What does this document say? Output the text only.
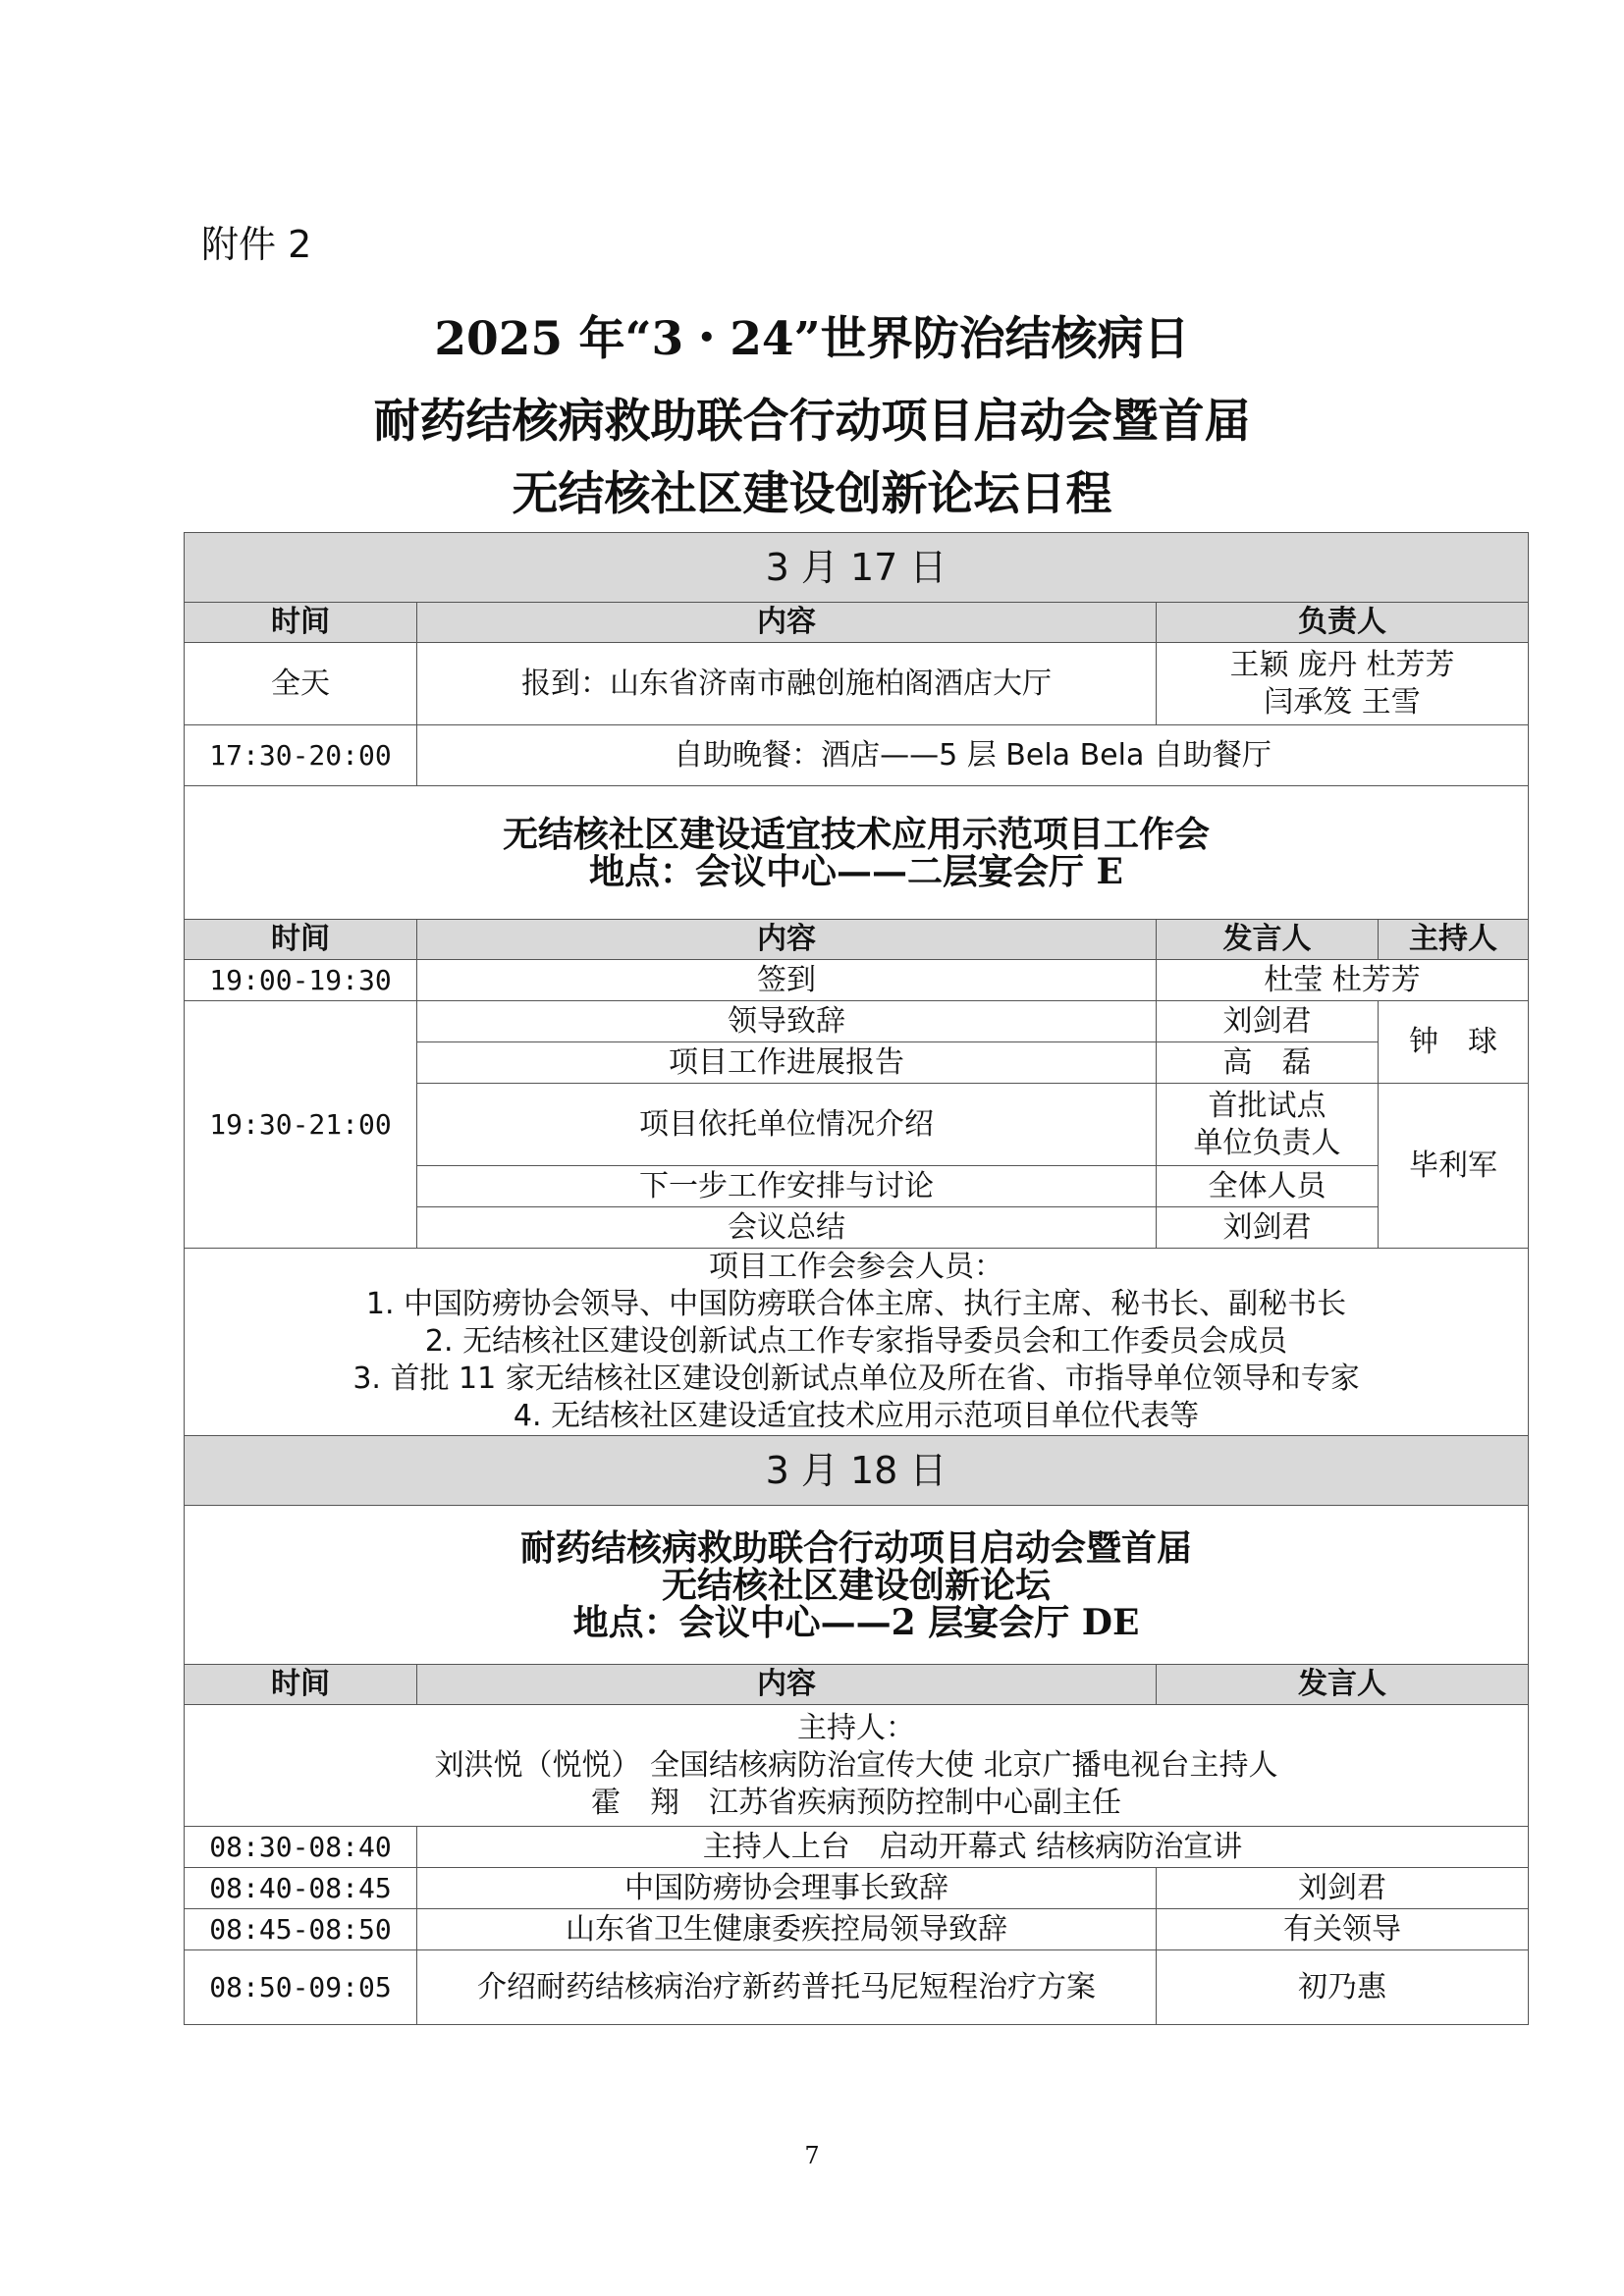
附件 2
2025 年“3・24”世界防治结核病日
耐药结核病救助联合行动项目启动会暨首届
无结核社区建设创新论坛日程
3 月 17 日			
时间	内容	负责人	
全天	报到：山东省济南市融创施柏阁酒店大厅	王颖 庞丹 杜芳芳
闫承笈 王雪	

17:30-20:00	自助晚餐：酒店——5 层 Bela Bela 自助餐厅		

无结核社区建设适宜技术应用示范项目工作会
地点：会议中心——二层宴会厅 E			

时间	内容	发言人	主持人
19:00-19:30	签到	杜莹 杜芳芳	
19:30-21:00	领导致辞	刘剑君	钟　球
	项目工作进展报告	高　磊	
	项目依托单位情况介绍	首批试点
单位负责人	毕利军
	下一步工作安排与讨论	全体人员	
	会议总结	刘剑君	

项目工作会参会人员：
1. 中国防痨协会领导、中国防痨联合体主席、执行主席、秘书长、副秘书长
2. 无结核社区建设创新试点工作专家指导委员会和工作委员会成员
3. 首批 11 家无结核社区建设创新试点单位及所在省、市指导单位领导和专家
4. 无结核社区建设适宜技术应用示范项目单位代表等			

3 月 18 日			

耐药结核病救助联合行动项目启动会暨首届
无结核社区建设创新论坛
地点：会议中心——2 层宴会厅 DE			

时间	内容	发言人	

主持人：
刘洪悦（悦悦） 全国结核病防治宣传大使 北京广播电视台主持人
霍　翔　江苏省疾病预防控制中心副主任			

08:30-08:40	主持人上台　启动开幕式 结核病防治宣讲		
08:40-08:45	中国防痨协会理事长致辞	刘剑君	
08:45-08:50	山东省卫生健康委疾控局领导致辞	有关领导	
08:50-09:05	介绍耐药结核病治疗新药普托马尼短程治疗方案	初乃惠	
7
